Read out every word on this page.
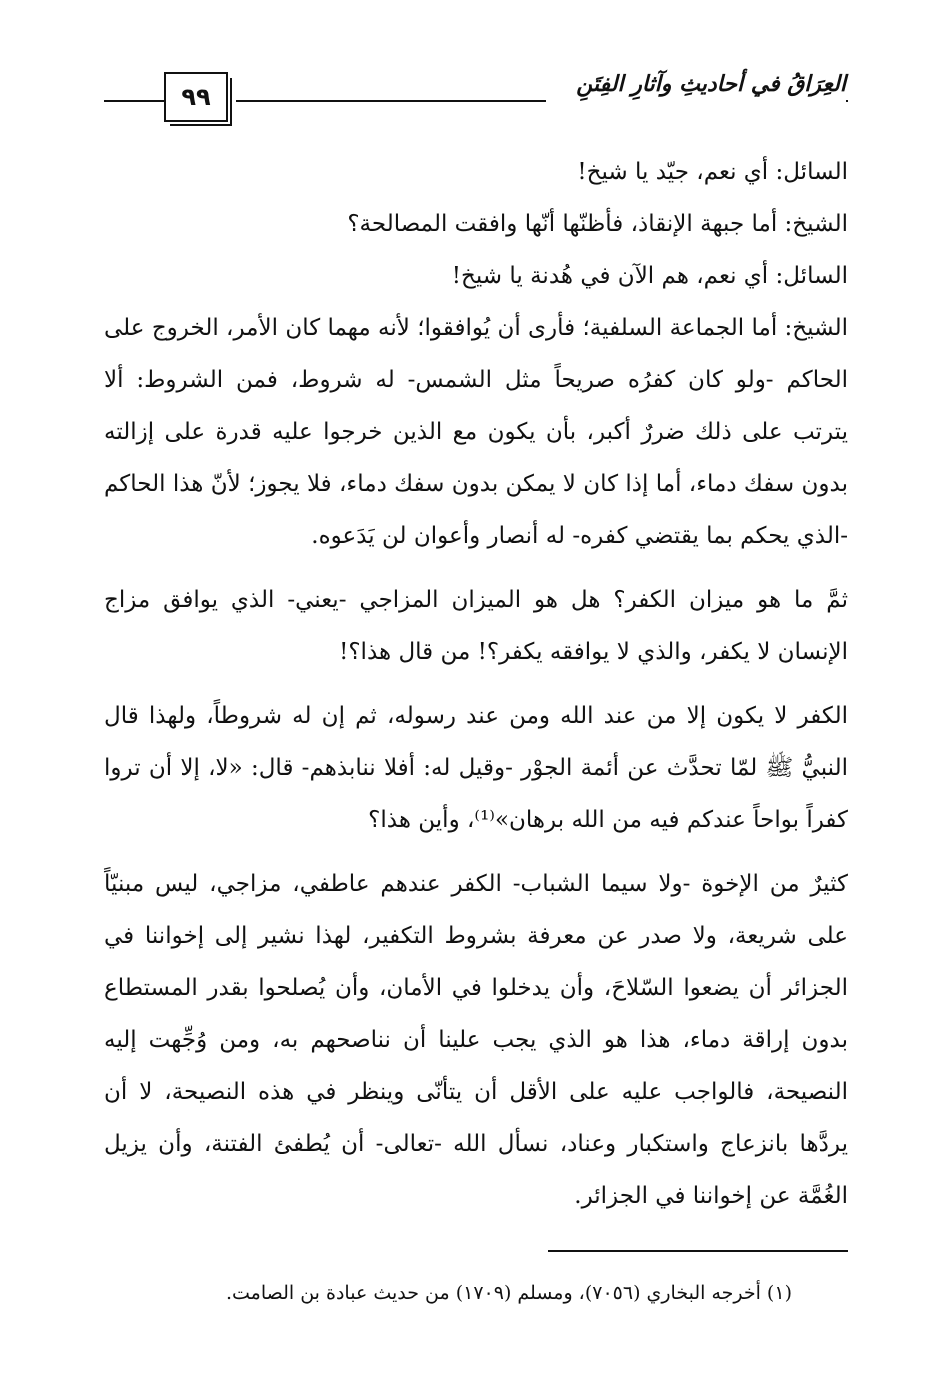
٩٩	العِرَاقُ في أحاديثِ وآثارِ الفِتَنِ

السائل: أي نعم، جيّد يا شيخ!

الشيخ: أما جبهة الإنقاذ، فأظنّها أنّها وافقت المصالحة؟

السائل: أي نعم، هم الآن في هُدنة يا شيخ!

الشيخ: أما الجماعة السلفية؛ فأرى أن يُوافقوا؛ لأنه مهما كان الأمر، الخروج على الحاكم -ولو كان كفرُه صريحاً مثل الشمس- له شروط، فمن الشروط: ألا يترتب على ذلك ضررٌ أكبر، بأن يكون مع الذين خرجوا عليه قدرة على إزالته بدون سفك دماء، أما إذا كان لا يمكن بدون سفك دماء، فلا يجوز؛ لأنّ هذا الحاكم -الذي يحكم بما يقتضي كفره- له أنصار وأعوان لن يَدَعوه.

ثمَّ ما هو ميزان الكفر؟ هل هو الميزان المزاجي -يعني- الذي يوافق مزاج الإنسان لا يكفر، والذي لا يوافقه يكفر؟! من قال هذا؟!

الكفر لا يكون إلا من عند الله ومن عند رسوله، ثم إن له شروطاً، ولهذا قال النبيُّ ﷺ لمّا تحدَّث عن أئمة الجوْر -وقيل له: أفلا ننابذهم- قال: «لا، إلا أن تروا كفراً بواحاً عندكم فيه من الله برهان»⁽¹⁾، وأين هذا؟

كثيرٌ من الإخوة -ولا سيما الشباب- الكفر عندهم عاطفي، مزاجي، ليس مبنيّاً على شريعة، ولا صدر عن معرفة بشروط التكفير، لهذا نشير إلى إخواننا في الجزائر أن يضعوا السّلاحَ، وأن يدخلوا في الأمان، وأن يُصلحوا بقدر المستطاع بدون إراقة دماء، هذا هو الذي يجب علينا أن نناصحهم به، ومن وُجِّهت إليه النصيحة، فالواجب عليه على الأقل أن يتأنّى وينظر في هذه النصيحة، لا أن يردَّها بانزعاج واستكبار وعناد، نسأل الله -تعالى- أن يُطفئ الفتنة، وأن يزيل الغُمَّة عن إخواننا في الجزائر.

(١) أخرجه البخاري (٧٠٥٦)، ومسلم (١٧٠٩) من حديث عبادة بن الصامت.
